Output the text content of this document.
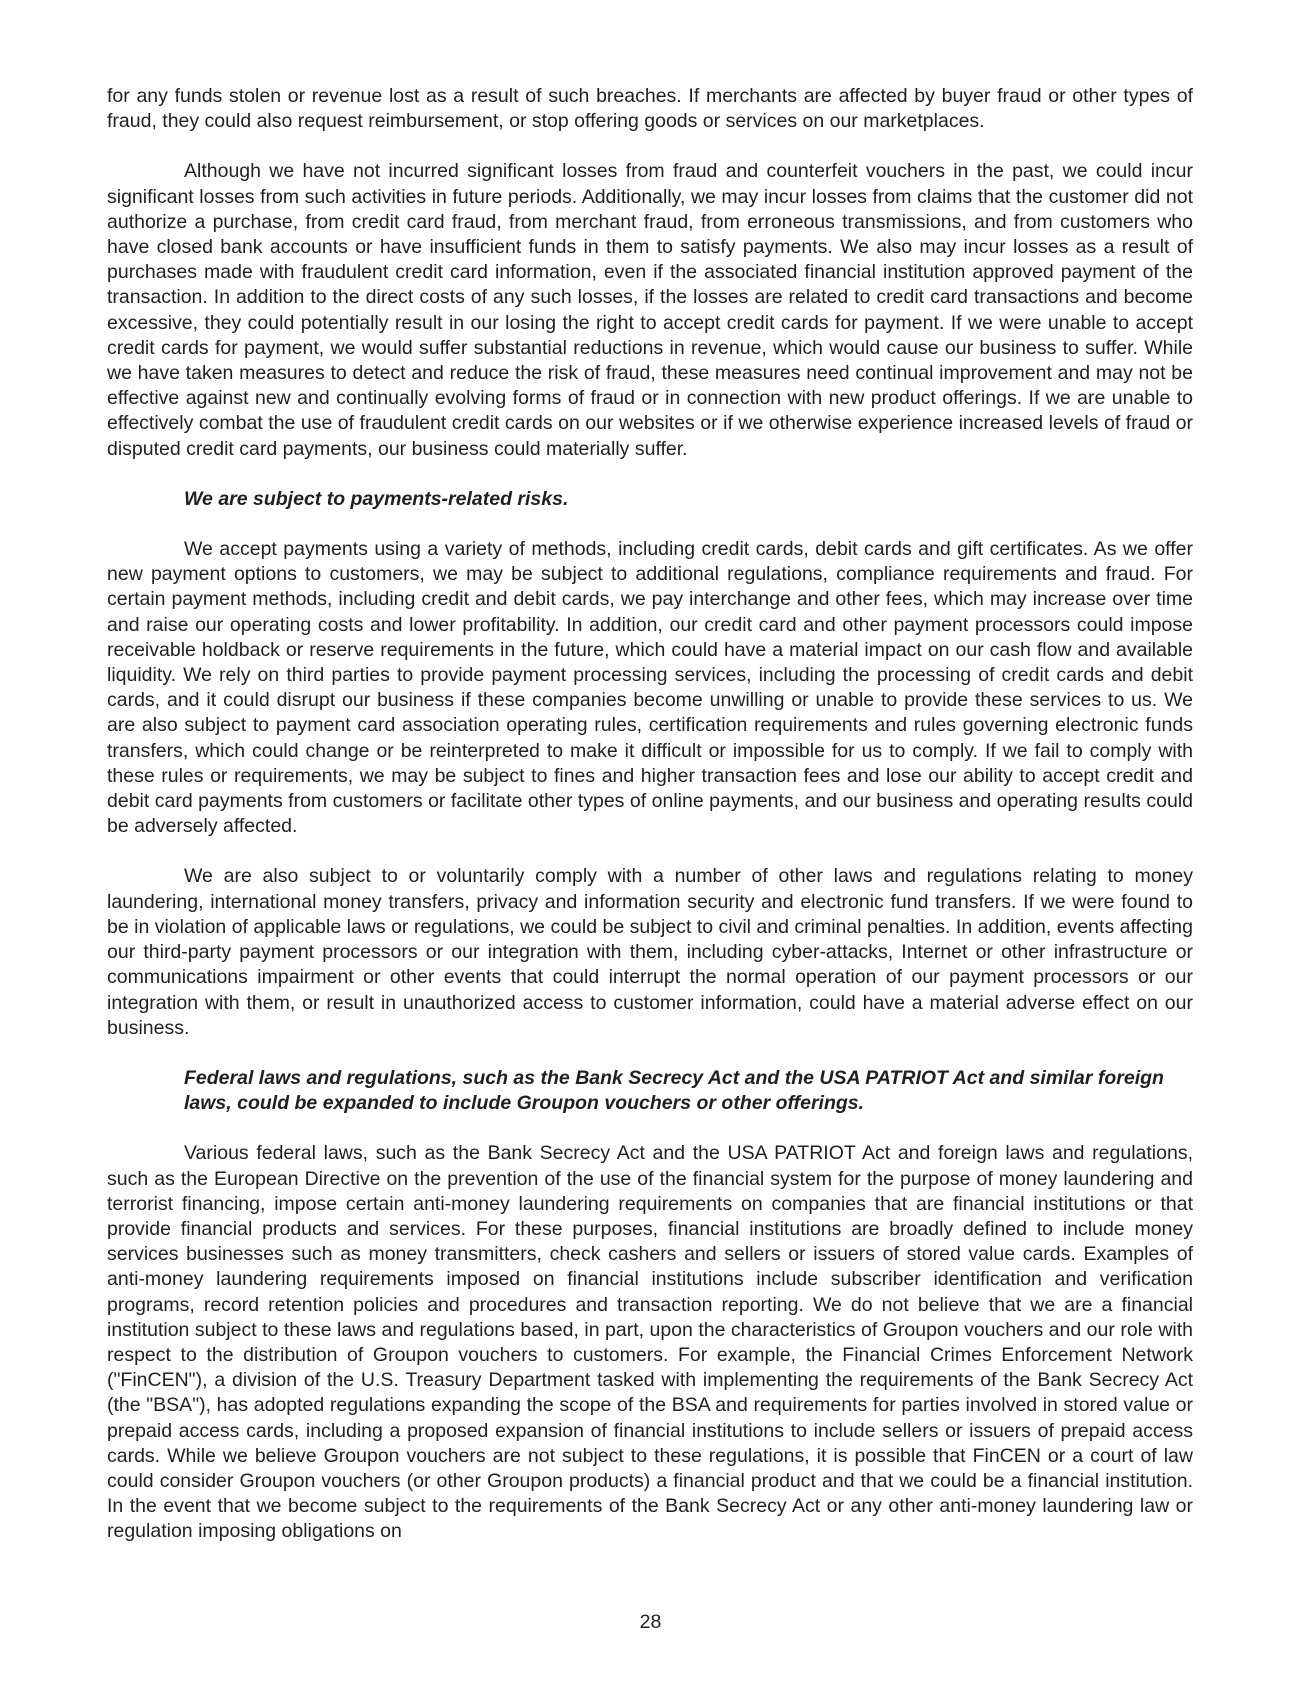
for any funds stolen or revenue lost as a result of such breaches. If merchants are affected by buyer fraud or other types of fraud, they could also request reimbursement, or stop offering goods or services on our marketplaces.

Although we have not incurred significant losses from fraud and counterfeit vouchers in the past, we could incur significant losses from such activities in future periods. Additionally, we may incur losses from claims that the customer did not authorize a purchase, from credit card fraud, from merchant fraud, from erroneous transmissions, and from customers who have closed bank accounts or have insufficient funds in them to satisfy payments. We also may incur losses as a result of purchases made with fraudulent credit card information, even if the associated financial institution approved payment of the transaction. In addition to the direct costs of any such losses, if the losses are related to credit card transactions and become excessive, they could potentially result in our losing the right to accept credit cards for payment. If we were unable to accept credit cards for payment, we would suffer substantial reductions in revenue, which would cause our business to suffer. While we have taken measures to detect and reduce the risk of fraud, these measures need continual improvement and may not be effective against new and continually evolving forms of fraud or in connection with new product offerings. If we are unable to effectively combat the use of fraudulent credit cards on our websites or if we otherwise experience increased levels of fraud or disputed credit card payments, our business could materially suffer.

We are subject to payments-related risks.

We accept payments using a variety of methods, including credit cards, debit cards and gift certificates. As we offer new payment options to customers, we may be subject to additional regulations, compliance requirements and fraud. For certain payment methods, including credit and debit cards, we pay interchange and other fees, which may increase over time and raise our operating costs and lower profitability. In addition, our credit card and other payment processors could impose receivable holdback or reserve requirements in the future, which could have a material impact on our cash flow and available liquidity. We rely on third parties to provide payment processing services, including the processing of credit cards and debit cards, and it could disrupt our business if these companies become unwilling or unable to provide these services to us. We are also subject to payment card association operating rules, certification requirements and rules governing electronic funds transfers, which could change or be reinterpreted to make it difficult or impossible for us to comply. If we fail to comply with these rules or requirements, we may be subject to fines and higher transaction fees and lose our ability to accept credit and debit card payments from customers or facilitate other types of online payments, and our business and operating results could be adversely affected.

We are also subject to or voluntarily comply with a number of other laws and regulations relating to money laundering, international money transfers, privacy and information security and electronic fund transfers. If we were found to be in violation of applicable laws or regulations, we could be subject to civil and criminal penalties. In addition, events affecting our third-party payment processors or our integration with them, including cyber-attacks, Internet or other infrastructure or communications impairment or other events that could interrupt the normal operation of our payment processors or our integration with them, or result in unauthorized access to customer information, could have a material adverse effect on our business.

Federal laws and regulations, such as the Bank Secrecy Act and the USA PATRIOT Act and similar foreign laws, could be expanded to include Groupon vouchers or other offerings.

Various federal laws, such as the Bank Secrecy Act and the USA PATRIOT Act and foreign laws and regulations, such as the European Directive on the prevention of the use of the financial system for the purpose of money laundering and terrorist financing, impose certain anti-money laundering requirements on companies that are financial institutions or that provide financial products and services. For these purposes, financial institutions are broadly defined to include money services businesses such as money transmitters, check cashers and sellers or issuers of stored value cards. Examples of anti-money laundering requirements imposed on financial institutions include subscriber identification and verification programs, record retention policies and procedures and transaction reporting. We do not believe that we are a financial institution subject to these laws and regulations based, in part, upon the characteristics of Groupon vouchers and our role with respect to the distribution of Groupon vouchers to customers. For example, the Financial Crimes Enforcement Network ("FinCEN"), a division of the U.S. Treasury Department tasked with implementing the requirements of the Bank Secrecy Act (the "BSA"), has adopted regulations expanding the scope of the BSA and requirements for parties involved in stored value or prepaid access cards, including a proposed expansion of financial institutions to include sellers or issuers of prepaid access cards. While we believe Groupon vouchers are not subject to these regulations, it is possible that FinCEN or a court of law could consider Groupon vouchers (or other Groupon products) a financial product and that we could be a financial institution. In the event that we become subject to the requirements of the Bank Secrecy Act or any other anti-money laundering law or regulation imposing obligations on

28
